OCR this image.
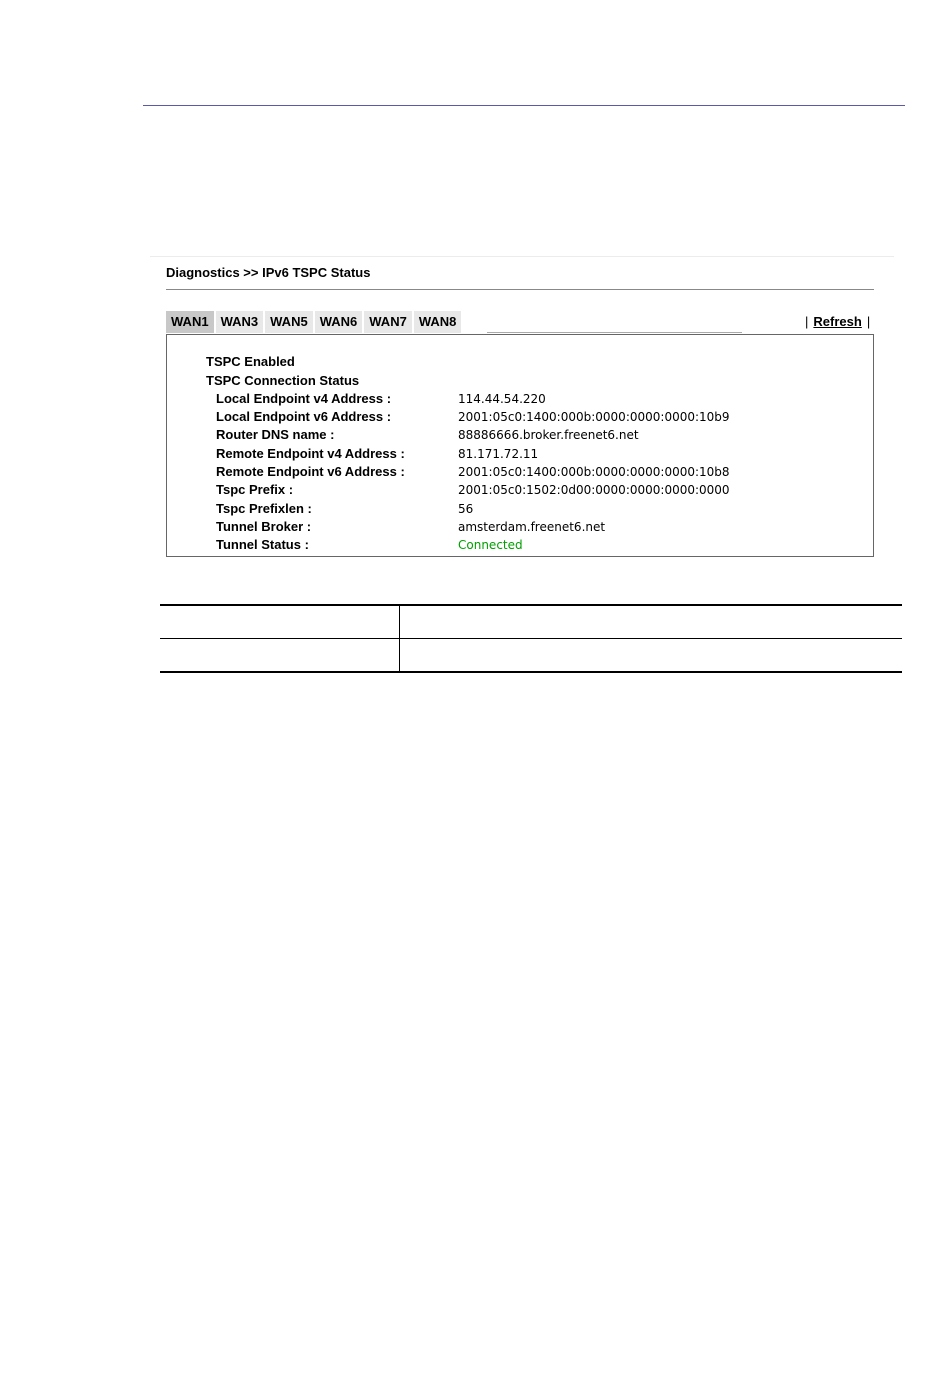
Diagnostics >> IPv6 TSPC Status
WAN1 WAN3 WAN5 WAN6 WAN7 WAN8	| Refresh |
TSPC Enabled
TSPC Connection Status
Local Endpoint v4 Address :	114.44.54.220
Local Endpoint v6 Address :	2001:05c0:1400:000b:0000:0000:0000:10b9
Router DNS name :	88886666.broker.freenet6.net
Remote Endpoint v4 Address :	81.171.72.11
Remote Endpoint v6 Address :	2001:05c0:1400:000b:0000:0000:0000:10b8
Tspc Prefix :	2001:05c0:1502:0d00:0000:0000:0000:0000
Tspc Prefixlen :	56
Tunnel Broker :	amsterdam.freenet6.net
Tunnel Status :	Connected
